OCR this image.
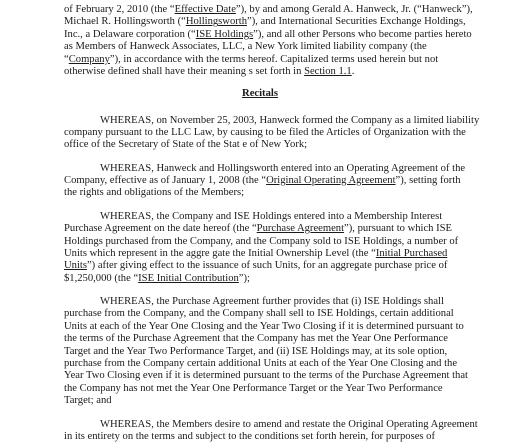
of February 2, 2010 (the “Effective Date”), by and among Gerald A. Hanweck, Jr. (“Hanweck”),
Michael R. Hollingsworth (“Hollingsworth”), and International Securities Exchange Holdings,
Inc., a Delaware corporation (“ISE Holdings”), and all other Persons who become parties hereto
as Members of Hanweck Associates, LLC, a New York limited liability company (the
“Company”), in accordance with the terms hereof. Capitalized terms used herein but not
otherwise defined shall have their meaning s set forth in Section 1.1.
Recitals
WHEREAS, on November 25, 2003, Hanweck formed the Company as a limited liability
company pursuant to the LLC Law, by causing to be filed the Articles of Organization with the
office of the Secretary of State of the Stat e of New York;
WHEREAS, Hanweck and Hollingsworth entered into an Operating Agreement of the
Company, effective as of January 1, 2008 (the “Original Operating Agreement”), setting forth
the rights and obligations of the Members;
WHEREAS, the Company and ISE Holdings entered into a Membership Interest
Purchase Agreement on the date hereof (the “Purchase Agreement”), pursuant to which ISE
Holdings purchased from the Company, and the Company sold to ISE Holdings, a number of
Units which represent in the aggre gate the Initial Ownership Level (the “Initial Purchased
Units”) after giving effect to the issuance of such Units, for an aggregate purchase price of
$1,250,000 (the “ISE Initial Contribution”);
WHEREAS, the Purchase Agreement further provides that (i) ISE Holdings shall
purchase from the Company, and the Company shall sell to ISE Holdings, certain additional
Units at each of the Year One Closing and the Year Two Closing if it is determined pursuant to
the terms of the Purchase Agreement that the Company has met the Year One Performance
Target and the Year Two Performance Target, and (ii) ISE Holdings may, at its sole option,
purchase from the Company certain additional Units at each of the Year One Closing and the
Year Two Closing even if it is determined pursuant to the terms of the Purchase Agreement that
the Company has not met the Year One Performance Target or the Year Two Performance
Target; and
WHEREAS, the Members desire to amend and restate the Original Operating Agreement
in its entirety on the terms and subject to the conditions set forth herein, for purposes of
